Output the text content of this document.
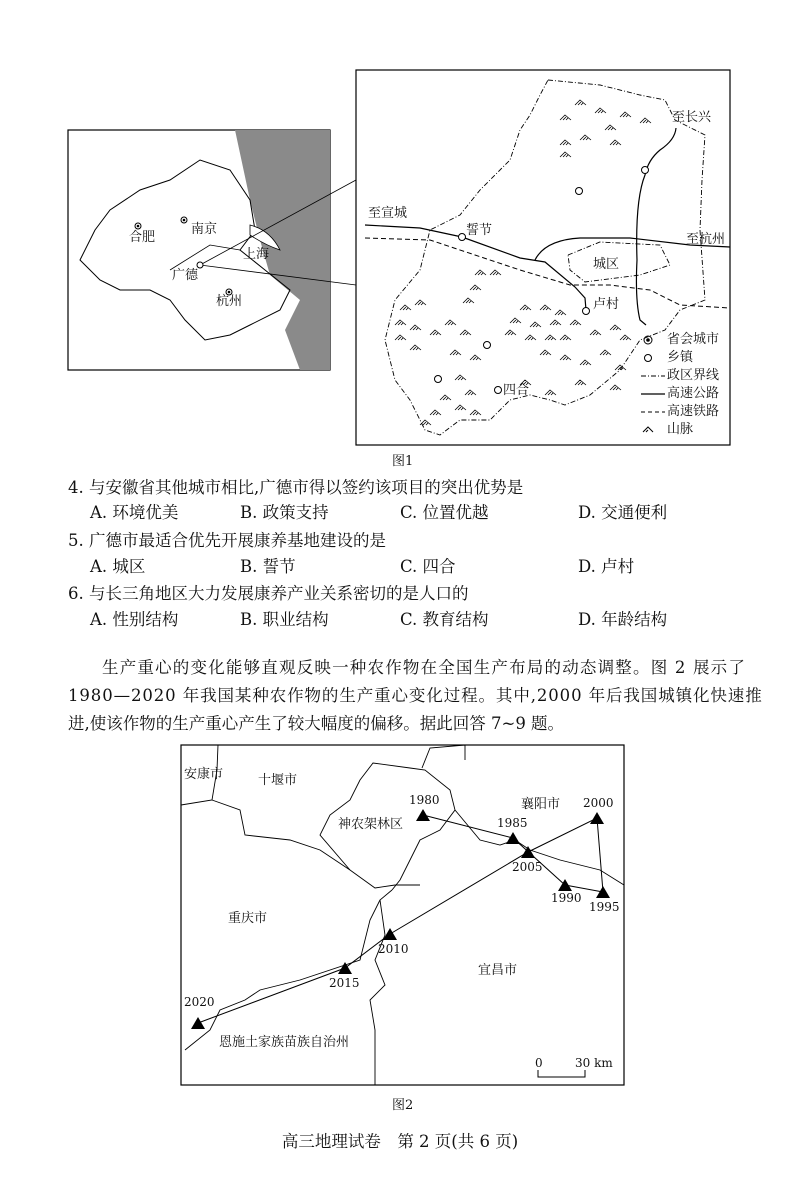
合肥
南京
上海
广德
杭州
至长兴
至宣城
至杭州
誓节
城区
卢村
四合
省会城市
乡镇
政区界线
高速公路
高速铁路
山脉
图1
4. 与安徽省其他城市相比,广德市得以签约该项目的突出优势是
A. 环境优美	B. 政策支持	C. 位置优越	D. 交通便利
5. 广德市最适合优先开展康养基地建设的是
A. 城区	B. 誓节	C. 四合	D. 卢村
6. 与长三角地区大力发展康养产业关系密切的是人口的
A. 性别结构	B. 职业结构	C. 教育结构	D. 年龄结构
生产重心的变化能够直观反映一种农作物在全国生产布局的动态调整。图 2 展示了
1980—2020 年我国某种农作物的生产重心变化过程。其中,2000 年后我国城镇化快速推
进,使该作物的生产重心产生了较大幅度的偏移。据此回答 7~9 题。
安康市	十堰市
神农架林区
襄阳市
重庆市
宜昌市
恩施土家族苗族自治州
1980
1985
1990
1995
2000
2005
2010
2015
2020
0	30 km
图2
高三地理试卷　第 2 页(共 6 页)
